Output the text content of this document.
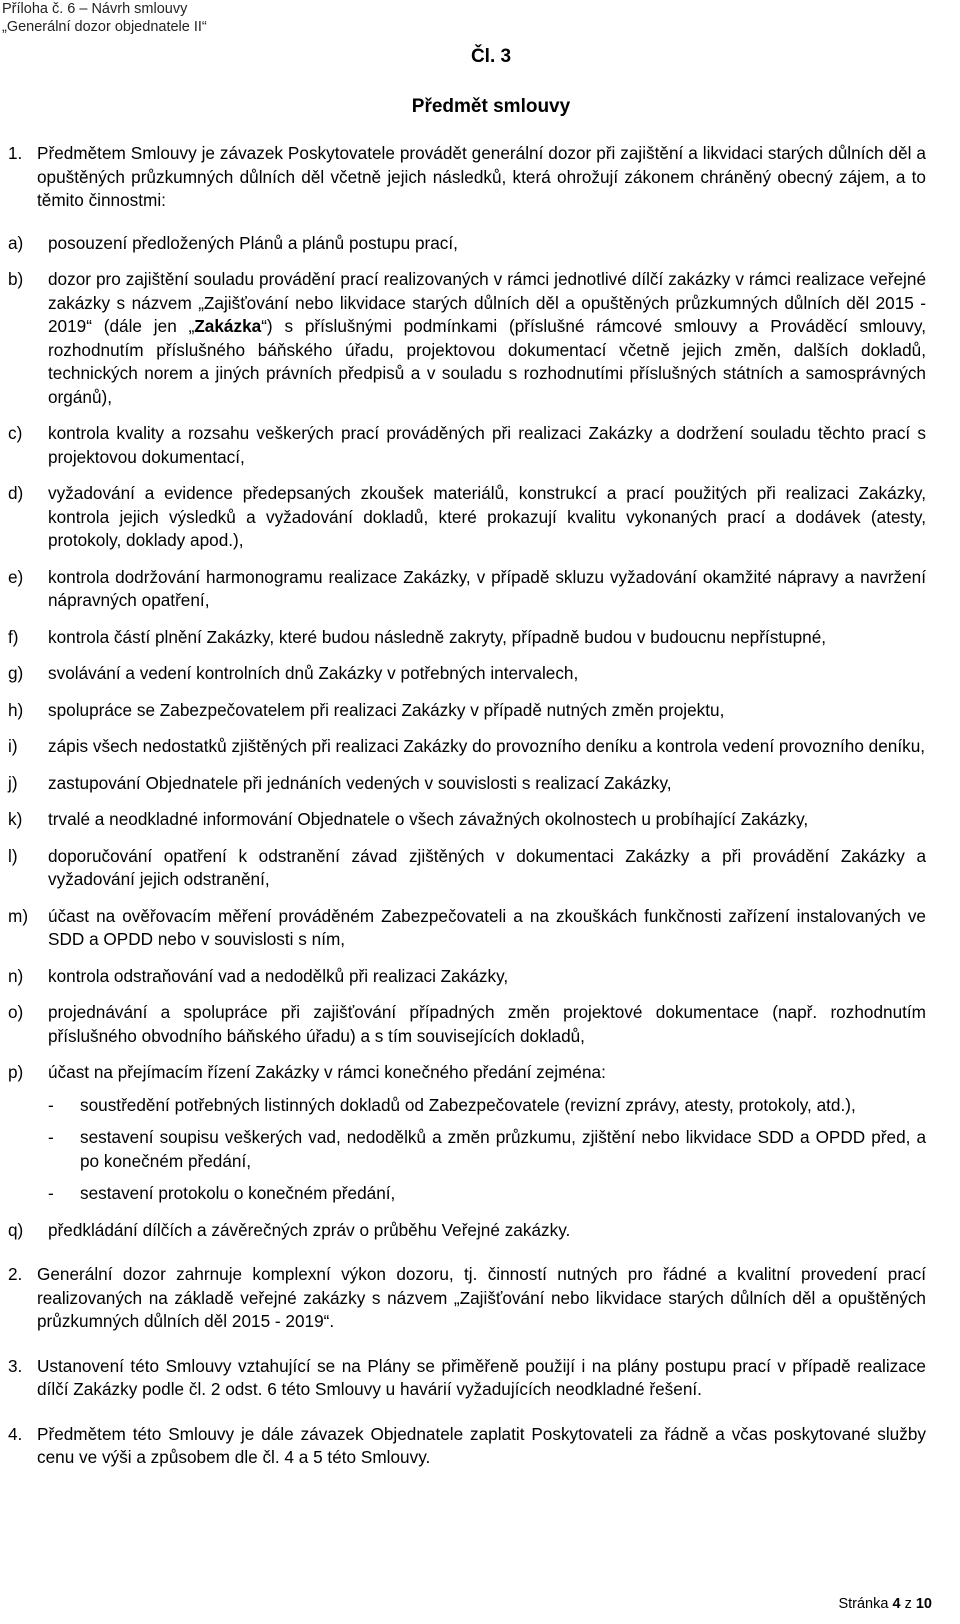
Příloha č. 6 – Návrh smlouvy
„Generální dozor objednatele II“
Čl. 3
Předmět smlouvy
1. Předmětem Smlouvy je závazek Poskytovatele provádět generální dozor při zajištění a likvidaci starých důlních děl a opuštěných průzkumných důlních děl včetně jejich následků, která ohrožují zákonem chráněný obecný zájem, a to těmito činnostmi:
a)	posouzení předložených Plánů a plánů postupu prací,
b)	dozor pro zajištění souladu provádění prací realizovaných v rámci jednotlivé dílčí zakázky v rámci realizace veřejné zakázky s názvem „Zajišťování nebo likvidace starých důlních děl a opuštěných průzkumných důlních děl 2015 - 2019“ (dále jen „Zakázka“) s příslušnými podmínkami (příslušné rámcové smlouvy a Prováděcí smlouvy, rozhodnutím příslušného báňského úřadu, projektovou dokumentací včetně jejich změn, dalších dokladů, technických norem a jiných právních předpisů a v souladu s rozhodnutími příslušných státních a samosprávných orgánů),
c)	kontrola kvality a rozsahu veškerých prací prováděných při realizaci Zakázky a dodržení souladu těchto prací s projektovou dokumentací,
d)	vyžadování a evidence předepsaných zkoušek materiálů, konstrukcí a prací použitých při realizaci Zakázky, kontrola jejich výsledků a vyžadování dokladů, které prokazují kvalitu vykonaných prací a dodávek (atesty, protokoly, doklady apod.),
e)	kontrola dodržování harmonogramu realizace Zakázky, v případě skluzu vyžadování okamžité nápravy a navržení nápravných opatření,
f)	kontrola částí plnění Zakázky, které budou následně zakryty, případně budou v budoucnu nepřístupné,
g)	svolávání a vedení kontrolních dnů Zakázky v potřebných intervalech,
h)	spolupráce se Zabezpečovatelem při realizaci Zakázky v případě nutných změn projektu,
i)	zápis všech nedostatků zjištěných při realizaci Zakázky do provozního deníku a kontrola vedení provozního deníku,
j)	zastupování Objednatele při jednáních vedených v souvislosti s realizací Zakázky,
k)	trvalé a neodkladné informování Objednatele o všech závažných okolnostech u probíhající Zakázky,
l)	doporučování opatření k odstranění závad zjištěných v dokumentaci Zakázky a při provádění Zakázky a vyžadování jejich odstranění,
m)	účast na ověřovacím měření prováděném Zabezpečovateli a na zkouškách funkčnosti zařízení instalovaných ve SDD a OPDD nebo v souvislosti s ním,
n)	kontrola odstraňování vad a nedodělků při realizaci Zakázky,
o)	projednávání a spolupráce při zajišťování případných změn projektové dokumentace (např. rozhodnutím příslušného obvodního báňského úřadu) a s tím souvisejících dokladů,
p)	účast na přejímacím řízení Zakázky v rámci konečného předání zejména:
-	soustředění potřebných listinných dokladů od Zabezpečovatele (revizní zprávy, atesty, protokoly, atd.),
-	sestavení soupisu veškerých vad, nedodělků a změn průzkumu, zjištění nebo likvidace SDD a OPDD před, a po konečném předání,
-	sestavení protokolu o konečném předání,
q)	předkládání dílčích a závěrečných zpráv o průběhu Veřejné zakázky.
2. Generální dozor zahrnuje komplexní výkon dozoru, tj. činností nutných pro řádné a kvalitní provedení prací realizovaných na základě veřejné zakázky s názvem „Zajišťování nebo likvidace starých důlních děl a opuštěných průzkumných důlních děl 2015 - 2019“.
3. Ustanovení této Smlouvy vztahující se na Plány se přiměřeně použijí i na plány postupu prací v případě realizace dílčí Zakázky podle čl. 2 odst. 6 této Smlouvy u havárií vyžadujících neodkladné řešení.
4. Předmětem této Smlouvy je dále závazek Objednatele zaplatit Poskytovateli za řádně a včas poskytované služby cenu ve výši a způsobem dle čl. 4 a 5 této Smlouvy.
Stránka 4 z 10
